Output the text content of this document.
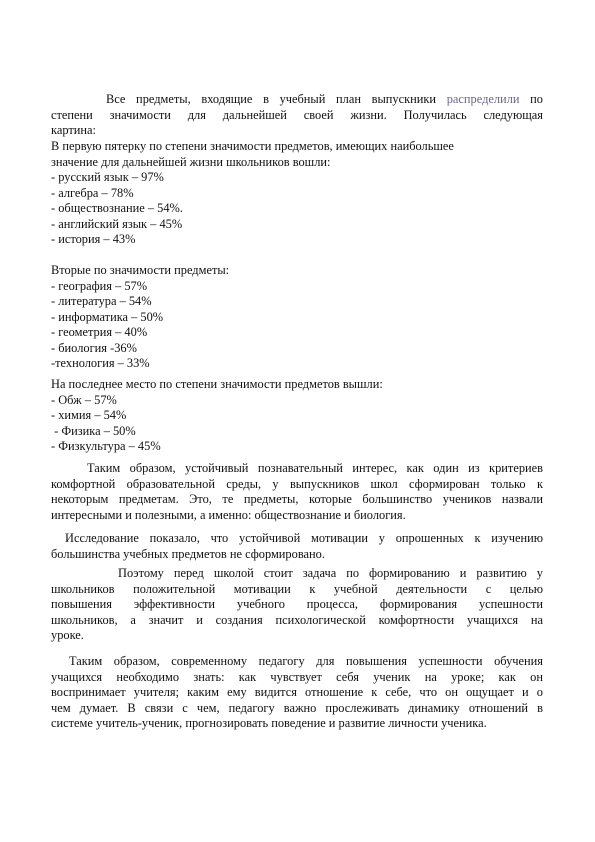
Все предметы, входящие в учебный план выпускники распределили по
степени значимости для дальнейшей своей жизни. Получилась следующая
картина:
В первую пятерку по степени значимости предметов, имеющих наибольшее
значение для дальнейшей жизни школьников вошли:
- русский язык – 97%
- алгебра – 78%
- обществознание – 54%.
- английский язык – 45%
- история – 43%
Вторые по значимости предметы:
- география – 57%
- литература – 54%
- информатика – 50%
- геометрия – 40%
- биология -36%
-технология – 33%
На последнее место по степени значимости предметов вышли:
- Обж – 57%
- химия – 54%
- Физика – 50%
- Физкультура – 45%
Таким образом, устойчивый познавательный интерес, как один из критериев
комфортной образовательной среды, у выпускников школ сформирован только к
некоторым предметам. Это, те предметы, которые большинство учеников назвали
интересными и полезными, а именно: обществознание и биология.
Исследование показало, что устойчивой мотивации у опрошенных к изучению
большинства учебных предметов не сформировано.
Поэтому перед школой стоит задача по формированию и развитию у
школьников положительной мотивации к учебной деятельности с целью
повышения эффективности учебного процесса, формирования успешности
школьников, а значит и создания психологической комфортности учащихся на
уроке.
Таким образом, современному педагогу для повышения успешности обучения
учащихся необходимо знать: как чувствует себя ученик на уроке; как он
воспринимает учителя; каким ему видится отношение к себе, что он ощущает и о
чем думает. В связи с чем, педагогу важно прослеживать динамику отношений в
системе учитель-ученик, прогнозировать поведение и развитие личности ученика.
